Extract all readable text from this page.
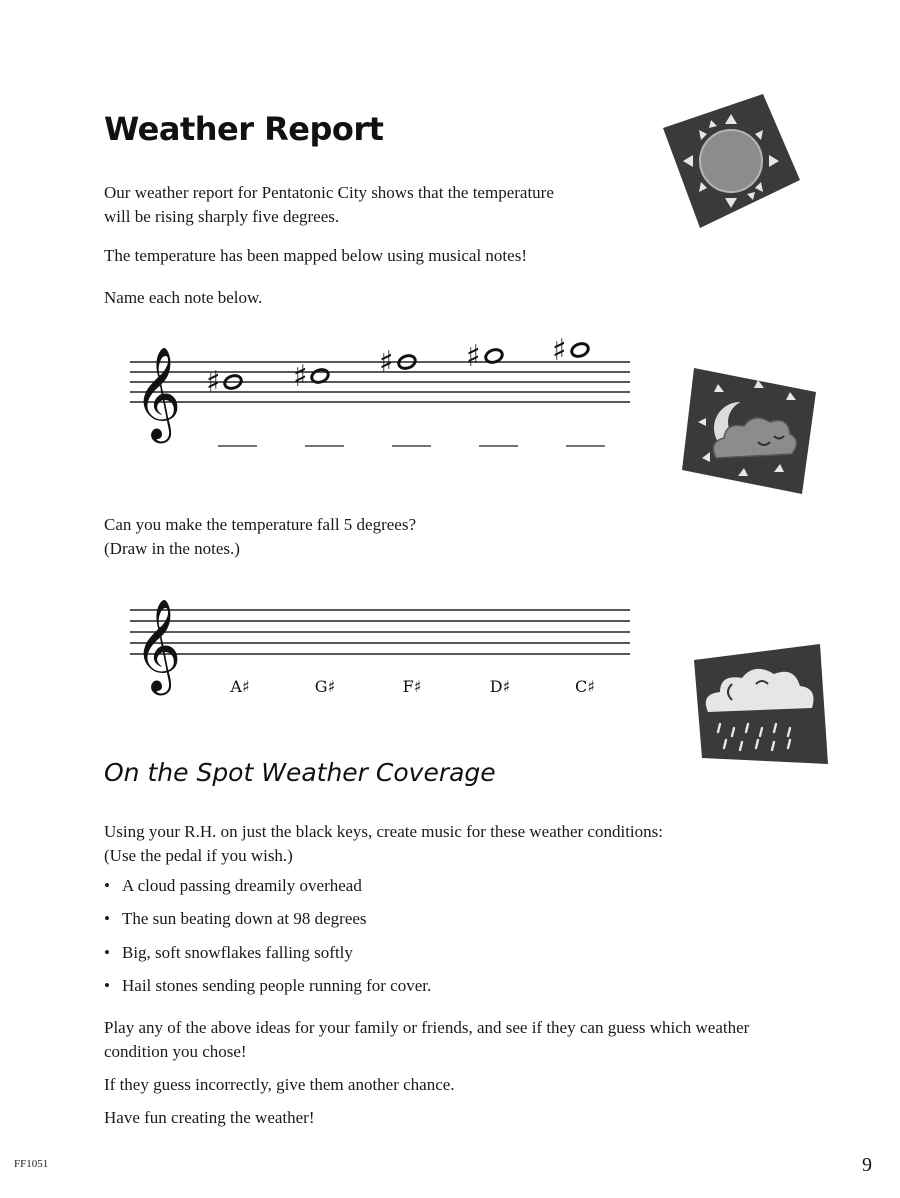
Weather Report

Our weather report for Pentatonic City shows that the temperature

will be rising sharply five degrees.

The temperature has been mapped below using musical notes!

Name each note below.

𝄞 ♯ ♯ ♯ ♯ ♯

Can you make the temperature fall 5 degrees?

(Draw in the notes.)

𝄞	A♯	G♯	F♯	D♯	C♯
On the Spot Weather Coverage

Using your R.H. on just the black keys, create music for these weather conditions:

(Use the pedal if you wish.)

• A cloud passing dreamily overhead
• The sun beating down at 98 degrees
• Big, soft snowflakes falling softly
• Hail stones sending people running for cover.

Play any of the above ideas for your family or friends, and see if they can guess which weather

condition you chose!

If they guess incorrectly, give them another chance.

Have fun creating the weather!

FF1051	9
